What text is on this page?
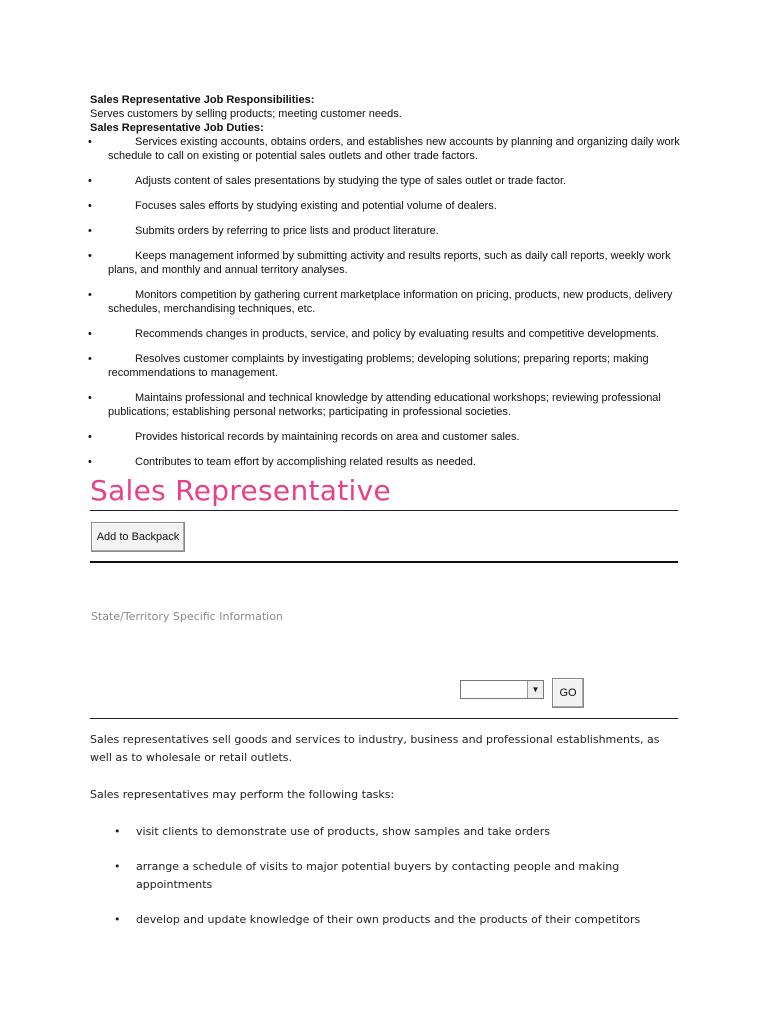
Sales Representative Job Responsibilities:
Serves customers by selling products; meeting customer needs.
Sales Representative Job Duties:
•	Services existing accounts, obtains orders, and establishes new accounts by planning and organizing daily work schedule to call on existing or potential sales outlets and other trade factors.
•	Adjusts content of sales presentations by studying the type of sales outlet or trade factor.
•	Focuses sales efforts by studying existing and potential volume of dealers.
•	Submits orders by referring to price lists and product literature.
•	Keeps management informed by submitting activity and results reports, such as daily call reports, weekly work plans, and monthly and annual territory analyses.
•	Monitors competition by gathering current marketplace information on pricing, products, new products, delivery schedules, merchandising techniques, etc.
•	Recommends changes in products, service, and policy by evaluating results and competitive developments.
•	Resolves customer complaints by investigating problems; developing solutions; preparing reports; making recommendations to management.
•	Maintains professional and technical knowledge by attending educational workshops; reviewing professional publications; establishing personal networks; participating in professional societies.
•	Provides historical records by maintaining records on area and customer sales.
•	Contributes to team effort by accomplishing related results as needed.
Sales Representative
Add to Backpack
State/Territory Specific Information
▼	GO

Sales representatives sell goods and services to industry, business and professional establishments, as well as to wholesale or retail outlets.

Sales representatives may perform the following tasks:

• visit clients to demonstrate use of products, show samples and take orders
• arrange a schedule of visits to major potential buyers by contacting people and making appointments
• develop and update knowledge of their own products and the products of their competitors
